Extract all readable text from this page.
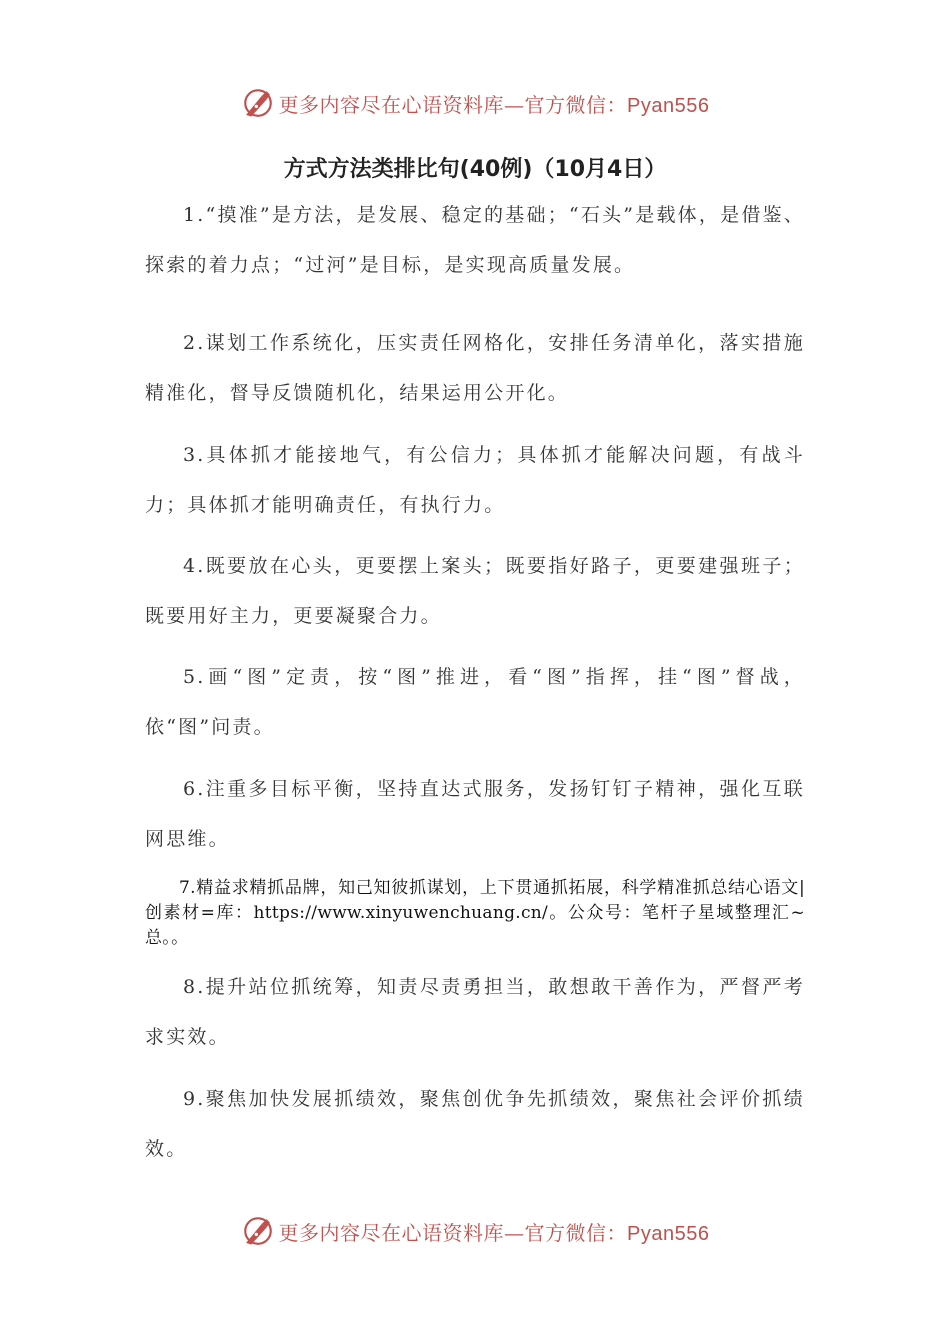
更多内容尽在心语资料库—官方微信：Pyan556
方式方法类排比句(40例)（10月4日）

1.“摸准”是方法，是发展、稳定的基础；“石头”是载体，是借鉴、探索的着力点；“过河”是目标，是实现高质量发展。

2.谋划工作系统化，压实责任网格化，安排任务清单化，落实措施精准化，督导反馈随机化，结果运用公开化。

3.具体抓才能接地气，有公信力；具体抓才能解决问题，有战斗力；具体抓才能明确责任，有执行力。

4.既要放在心头，更要摆上案头；既要指好路子，更要建强班子；既要用好主力，更要凝聚合力。

5.画“图”定责，按“图”推进，看“图”指挥，挂“图”督战，依“图”问责。

6.注重多目标平衡，坚持直达式服务，发扬钉钉子精神，强化互联网思维。

7.精益求精抓品牌，知己知彼抓谋划，上下贯通抓拓展，科学精准抓总结心语文|创素材=库：https://www.xinyuwenchuang.cn/。公众号：笔杆子星域整理汇~总。。

8.提升站位抓统筹，知责尽责勇担当，敢想敢干善作为，严督严考求实效。

9.聚焦加快发展抓绩效，聚焦创优争先抓绩效，聚焦社会评价抓绩效。

更多内容尽在心语资料库—官方微信：Pyan556
